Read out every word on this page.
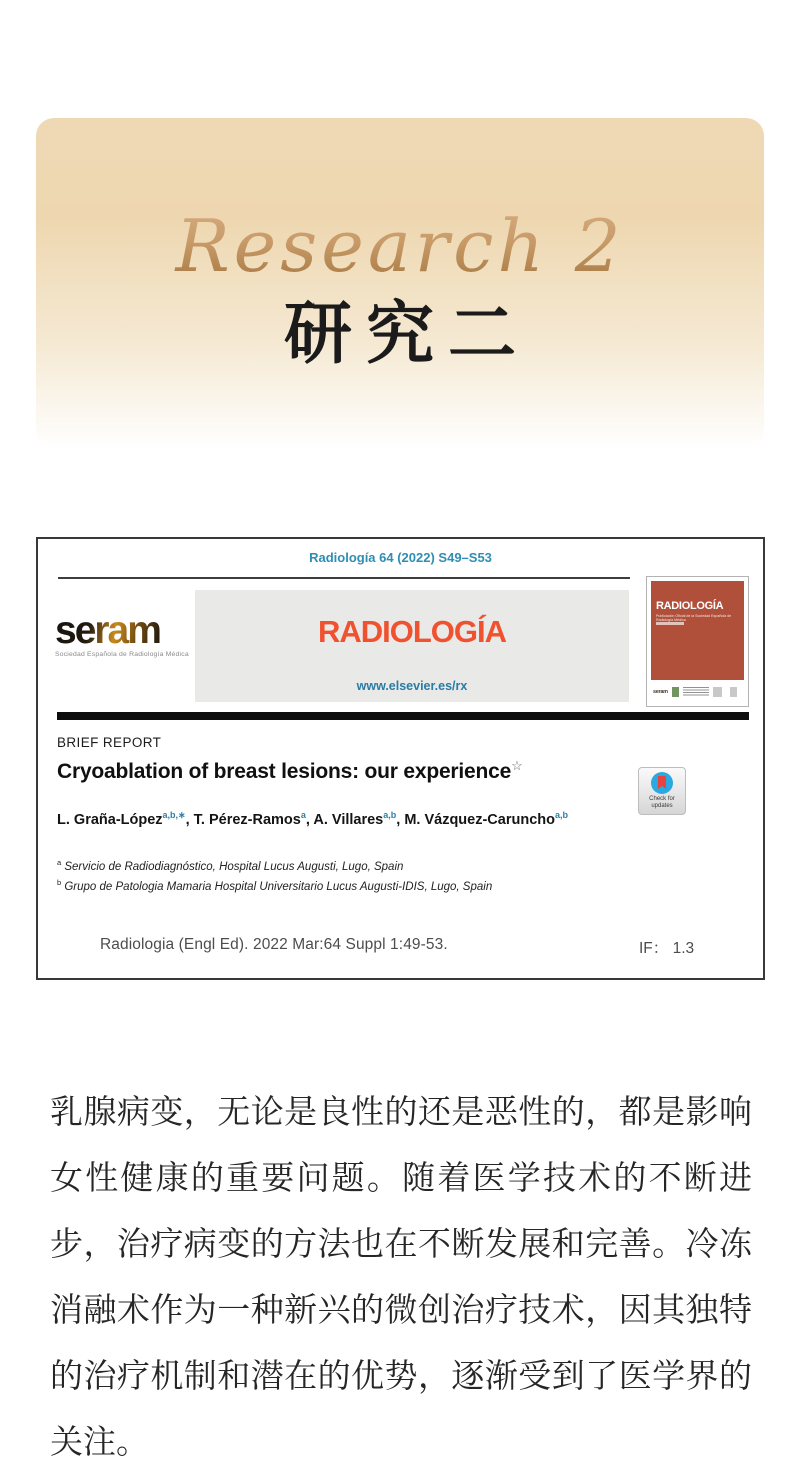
Research 2
研究二
Radiología 64 (2022) S49–S53
seram
Sociedad Española de Radiología Médica
RADIOLOGÍA
www.elsevier.es/rx

RADIOLOGÍA
Publicación Oficial de la Sociedad Española de Radiología Médica
seram
BRIEF REPORT
Cryoablation of breast lesions: our experience☆
Check for
updates
L. Graña-López$^{a,b,∗}$, T. Pérez-Ramos$^a$, A. Villares$^{a,b}$, M. Vázquez-Caruncho$^{a,b}$
$^a$ Servicio de Radiodiagnóstico, Hospital Lucus Augusti, Lugo, Spain
$^b$ Grupo de Patologia Mamaria Hospital Universitario Lucus Augusti-IDIS, Lugo, Spain
Radiologia (Engl Ed). 2022 Mar:64 Suppl 1:49-53.	IF： 1.3
乳腺病变，无论是良性的还是恶性的，都是影响女性健康的重要问题。随着医学技术的不断进步，治疗病变的方法也在不断发展和完善。冷冻消融术作为一种新兴的微创治疗技术，因其独特的治疗机制和潜在的优势，逐渐受到了医学界的关注。
